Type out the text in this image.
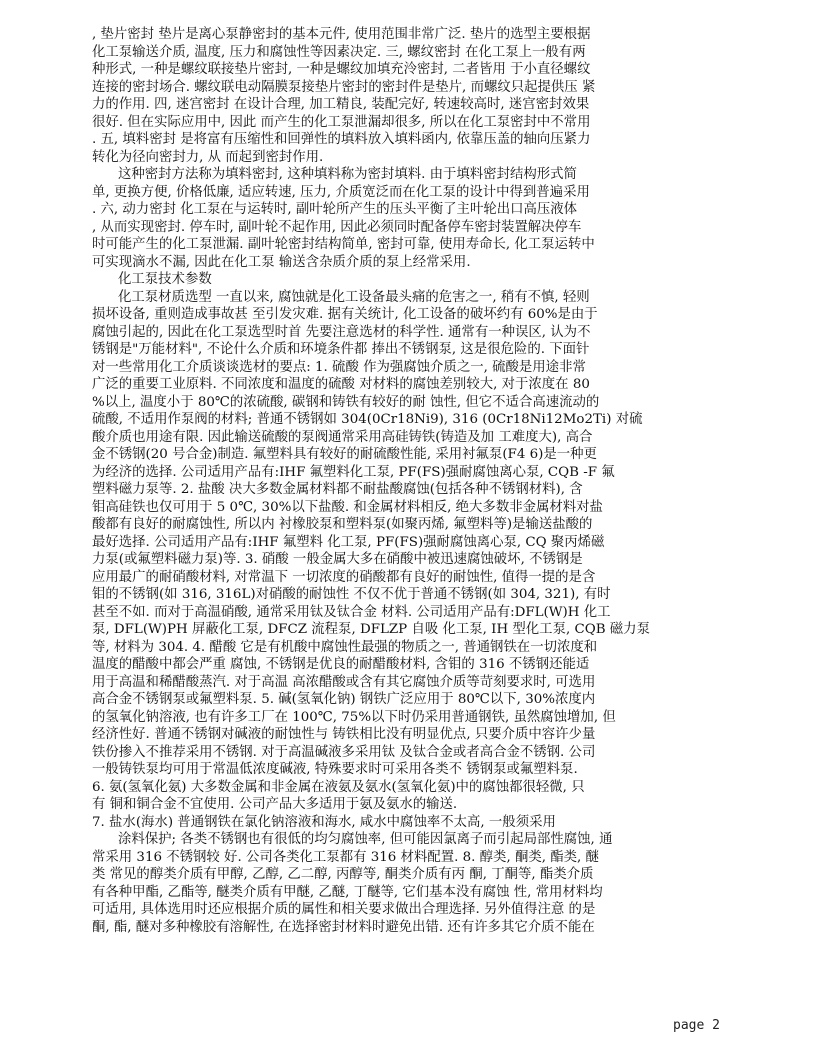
, 垫片密封 垫片是离心泵静密封的基本元件, 使用范围非常广泛. 垫片的选型主要根据
化工泵输送介质, 温度, 压力和腐蚀性等因素决定. 三, 螺纹密封 在化工泵上一般有两
种形式, 一种是螺纹联接垫片密封, 一种是螺纹加填充泠密封, 二者皆用 于小直径螺纹
连接的密封场合. 螺纹联电动隔膜泵接垫片密封的密封件是垫片, 而螺纹只起提供压 紧
力的作用. 四, 迷宫密封 在设计合理, 加工精良, 装配完好, 转速较高时, 迷宫密封效果
很好. 但在实际应用中, 因此 而产生的化工泵泄漏却很多, 所以在化工泵密封中不常用
. 五, 填料密封 是将富有压缩性和回弹性的填料放入填料函内, 依靠压盖的轴向压紧力
转化为径向密封力, 从 而起到密封作用.
这种密封方法称为填料密封, 这种填料称为密封填料. 由于填料密封结构形式简
单, 更换方便, 价格低廉, 适应转速, 压力, 介质宽泛而在化工泵的设计中得到普遍采用
. 六, 动力密封 化工泵在与运转时, 副叶轮所产生的压头平衡了主叶轮出口高压液体
, 从而实现密封. 停车时, 副叶轮不起作用, 因此必须同时配备停车密封装置解决停车
时可能产生的化工泵泄漏. 副叶轮密封结构简单, 密封可靠, 使用寿命长, 化工泵运转中
可实现滴水不漏, 因此在化工泵 输送含杂质介质的泵上经常采用.
化工泵技术参数
化工泵材质选型 一直以来, 腐蚀就是化工设备最头痛的危害之一, 稍有不慎, 轻则
损坏设备, 重则造成事故甚 至引发灾难. 据有关统计, 化工设备的破坏约有 60%是由于
腐蚀引起的, 因此在化工泵选型时首 先要注意选材的科学性. 通常有一种误区, 认为不
锈钢是"万能材料", 不论什么介质和环境条件都 捧出不锈钢泵, 这是很危险的. 下面针
对一些常用化工介质谈谈选材的要点: 1. 硫酸 作为强腐蚀介质之一, 硫酸是用途非常
广泛的重要工业原料. 不同浓度和温度的硫酸 对材料的腐蚀差别较大, 对于浓度在 80
%以上, 温度小于 80℃的浓硫酸, 碳钢和铸铁有较好的耐 蚀性, 但它不适合高速流动的
硫酸, 不适用作泵阀的材料; 普通不锈钢如 304(0Cr18Ni9), 316 (0Cr18Ni12Mo2Ti) 对硫
酸介质也用途有限. 因此输送硫酸的泵阀通常采用高硅铸铁(铸造及加 工难度大), 高合
金不锈钢(20 号合金)制造. 氟塑料具有较好的耐硫酸性能, 采用衬氟泵(F4 6)是一种更
为经济的选择. 公司适用产品有:IHF 氟塑料化工泵, PF(FS)强耐腐蚀离心泵, CQB -F 氟
塑料磁力泵等. 2. 盐酸 决大多数金属材料都不耐盐酸腐蚀(包括各种不锈钢材料), 含
钼高硅铁也仅可用于 5 0℃, 30%以下盐酸. 和金属材料相反, 绝大多数非金属材料对盐
酸都有良好的耐腐蚀性, 所以内 衬橡胶泵和塑料泵(如聚丙烯, 氟塑料等)是输送盐酸的
最好选择. 公司适用产品有:IHF 氟塑料 化工泵, PF(FS)强耐腐蚀离心泵, CQ 聚丙烯磁
力泵(或氟塑料磁力泵)等. 3. 硝酸 一般金属大多在硝酸中被迅速腐蚀破坏, 不锈钢是
应用最广的耐硝酸材料, 对常温下 一切浓度的硝酸都有良好的耐蚀性, 值得一提的是含
钼的不锈钢(如 316, 316L)对硝酸的耐蚀性 不仅不优于普通不锈钢(如 304, 321), 有时
甚至不如. 而对于高温硝酸, 通常采用钛及钛合金 材料. 公司适用产品有:DFL(W)H 化工
泵, DFL(W)PH 屏蔽化工泵, DFCZ 流程泵, DFLZP 自吸 化工泵, IH 型化工泵, CQB 磁力泵
等, 材料为 304. 4. 醋酸 它是有机酸中腐蚀性最强的物质之一, 普通钢铁在一切浓度和
温度的醋酸中都会严重 腐蚀, 不锈钢是优良的耐醋酸材料, 含钼的 316 不锈钢还能适
用于高温和稀醋酸蒸汽. 对于高温 高浓醋酸或含有其它腐蚀介质等苛刻要求时, 可选用
高合金不锈钢泵或氟塑料泵. 5. 碱(氢氧化钠) 钢铁广泛应用于 80℃以下, 30%浓度内
的氢氧化钠溶液, 也有许多工厂在 100℃, 75%以下时仍采用普通钢铁, 虽然腐蚀增加, 但
经济性好. 普通不锈钢对碱液的耐蚀性与 铸铁相比没有明显优点, 只要介质中容许少量
铁份掺入不推荐采用不锈钢. 对于高温碱液多采用钛 及钛合金或者高合金不锈钢. 公司
一般铸铁泵均可用于常温低浓度碱液, 特殊要求时可采用各类不 锈钢泵或氟塑料泵.
6. 氨(氢氧化氨) 大多数金属和非金属在液氨及氨水(氢氧化氨)中的腐蚀都很轻微, 只
有 铜和铜合金不宜使用. 公司产品大多适用于氨及氨水的输送.
7. 盐水(海水) 普通钢铁在氯化钠溶液和海水, 咸水中腐蚀率不太高, 一般须采用
涂料保护; 各类不锈钢也有很低的均匀腐蚀率, 但可能因氯离子而引起局部性腐蚀, 通
常采用 316 不锈钢较 好. 公司各类化工泵都有 316 材料配置. 8. 醇类, 酮类, 酯类, 醚
类 常见的醇类介质有甲醇, 乙醇, 乙二醇, 丙醇等, 酮类介质有丙 酮, 丁酮等, 酯类介质
有各种甲酯, 乙酯等, 醚类介质有甲醚, 乙醚, 丁醚等, 它们基本没有腐蚀 性, 常用材料均
可适用, 具体选用时还应根据介质的属性和相关要求做出合理选择. 另外值得注意 的是
酮, 酯, 醚对多种橡胶有溶解性, 在选择密封材料时避免出错. 还有许多其它介质不能在
page 2
